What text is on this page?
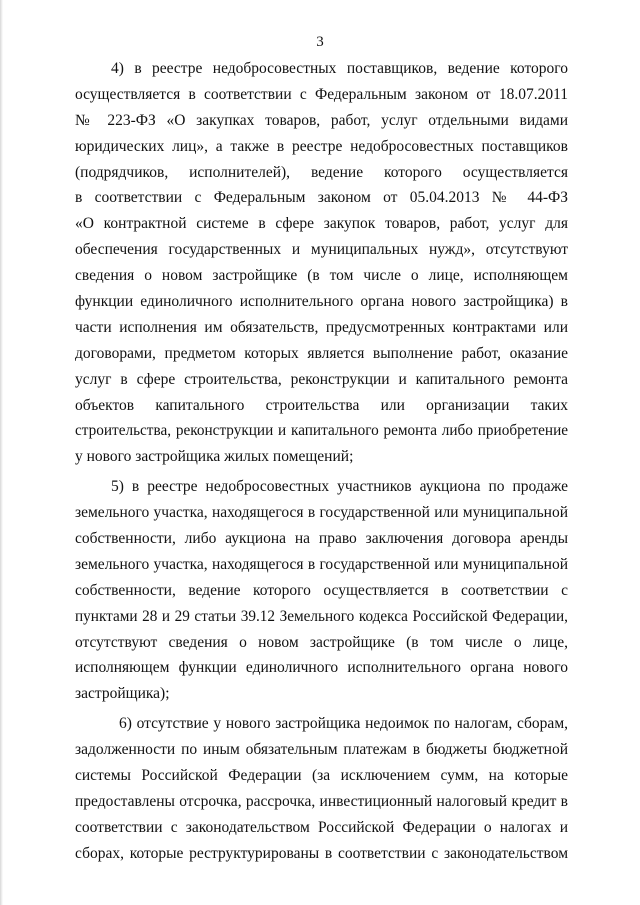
3
4) в реестре недобросовестных поставщиков, ведение которого
осуществляется в соответствии с Федеральным законом от 18.07.2011
№ 223-ФЗ «О закупках товаров, работ, услуг отдельными видами
юридических лиц», а также в реестре недобросовестных поставщиков
(подрядчиков, исполнителей), ведение которого осуществляется
в соответствии с Федеральным законом от 05.04.2013 № 44-ФЗ
«О контрактной системе в сфере закупок товаров, работ, услуг для
обеспечения государственных и муниципальных нужд», отсутствуют
сведения о новом застройщике (в том числе о лице, исполняющем
функции единоличного исполнительного органа нового застройщика) в
части исполнения им обязательств, предусмотренных контрактами или
договорами, предметом которых является выполнение работ, оказание
услуг в сфере строительства, реконструкции и капитального ремонта
объектов капитального строительства или организации таких
строительства, реконструкции и капитального ремонта либо приобретение
у нового застройщика жилых помещений;
5) в реестре недобросовестных участников аукциона по продаже
земельного участка, находящегося в государственной или муниципальной
собственности, либо аукциона на право заключения договора аренды
земельного участка, находящегося в государственной или муниципальной
собственности, ведение которого осуществляется в соответствии с
пунктами 28 и 29 статьи 39.12 Земельного кодекса Российской Федерации,
отсутствуют сведения о новом застройщике (в том числе о лице,
исполняющем функции единоличного исполнительного органа нового
застройщика);
6) отсутствие у нового застройщика недоимок по налогам, сборам,
задолженности по иным обязательным платежам в бюджеты бюджетной
системы Российской Федерации (за исключением сумм, на которые
предоставлены отсрочка, рассрочка, инвестиционный налоговый кредит в
соответствии с законодательством Российской Федерации о налогах и
сборах, которые реструктурированы в соответствии с законодательством
